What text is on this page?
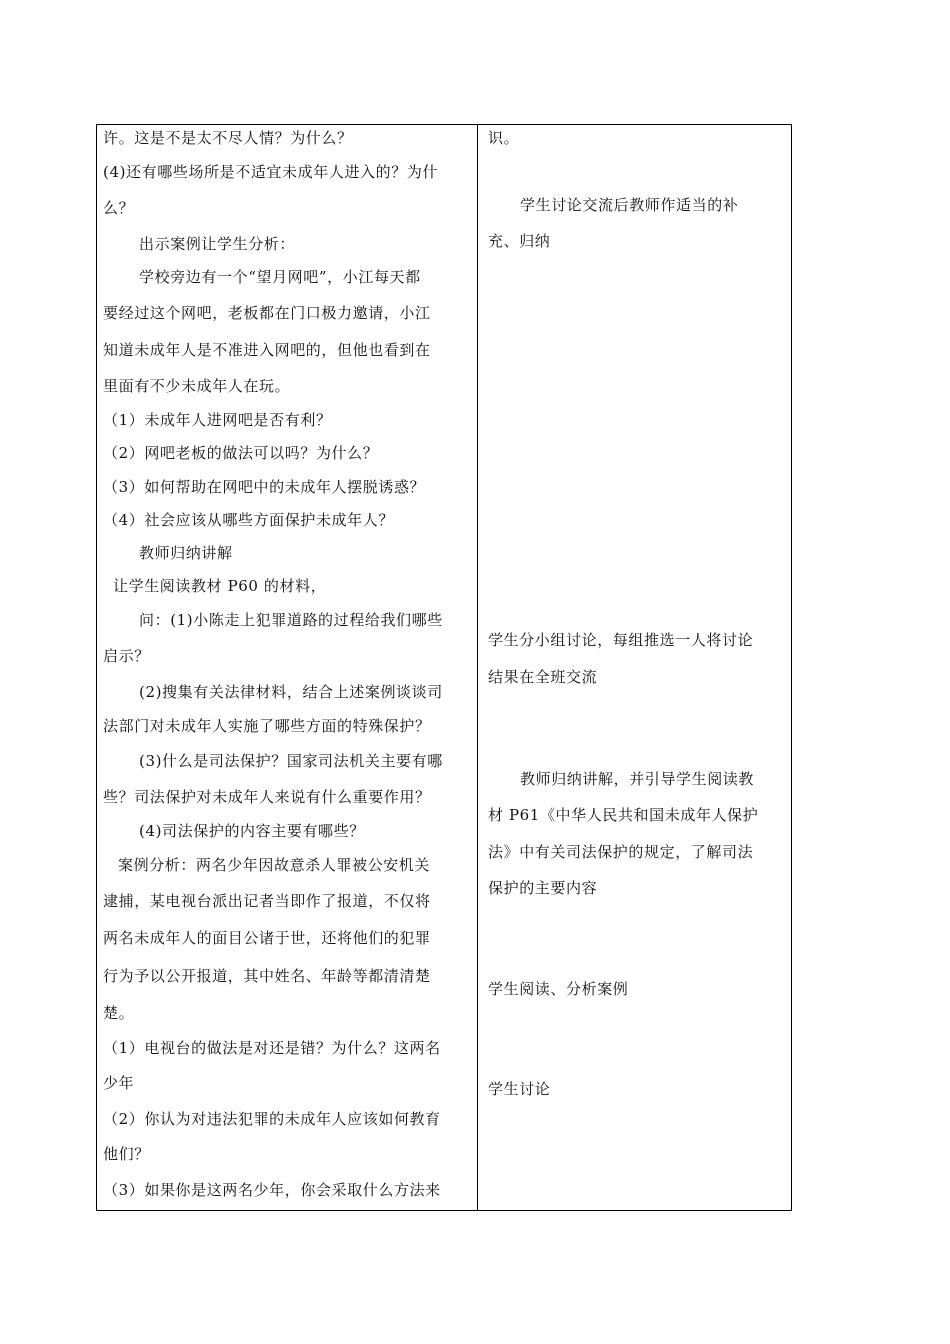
许。这是不是太不尽人情？为什么？
(4)还有哪些场所是不适宜未成年人进入的？为什
么？
出示案例让学生分析：
学校旁边有一个“望月网吧”，小江每天都
要经过这个网吧，老板都在门口极力邀请，小江
知道未成年人是不准进入网吧的，但他也看到在
里面有不少未成年人在玩。
（1）未成年人进网吧是否有利？
（2）网吧老板的做法可以吗？为什么？
（3）如何帮助在网吧中的未成年人摆脱诱惑？
（4）社会应该从哪些方面保护未成年人？
教师归纳讲解
让学生阅读教材 P60 的材料，
问：(1)小陈走上犯罪道路的过程给我们哪些
启示？
(2)搜集有关法律材料，结合上述案例谈谈司
法部门对未成年人实施了哪些方面的特殊保护？
(3)什么是司法保护？国家司法机关主要有哪
些？司法保护对未成年人来说有什么重要作用？
(4)司法保护的内容主要有哪些？
案例分析：两名少年因故意杀人罪被公安机关
逮捕，某电视台派出记者当即作了报道，不仅将
两名未成年人的面目公诸于世，还将他们的犯罪
行为予以公开报道，其中姓名、年龄等都清清楚
楚。
（1）电视台的做法是对还是错？为什么？这两名
少年
（2）你认为对违法犯罪的未成年人应该如何教育
他们？
（3）如果你是这两名少年，你会采取什么方法来
识。
学生讨论交流后教师作适当的补
充、归纳
学生分小组讨论，每组推选一人将讨论
结果在全班交流
教师归纳讲解，并引导学生阅读教
材 P61《中华人民共和国未成年人保护
法》中有关司法保护的规定，了解司法
保护的主要内容
学生阅读、分析案例
学生讨论
